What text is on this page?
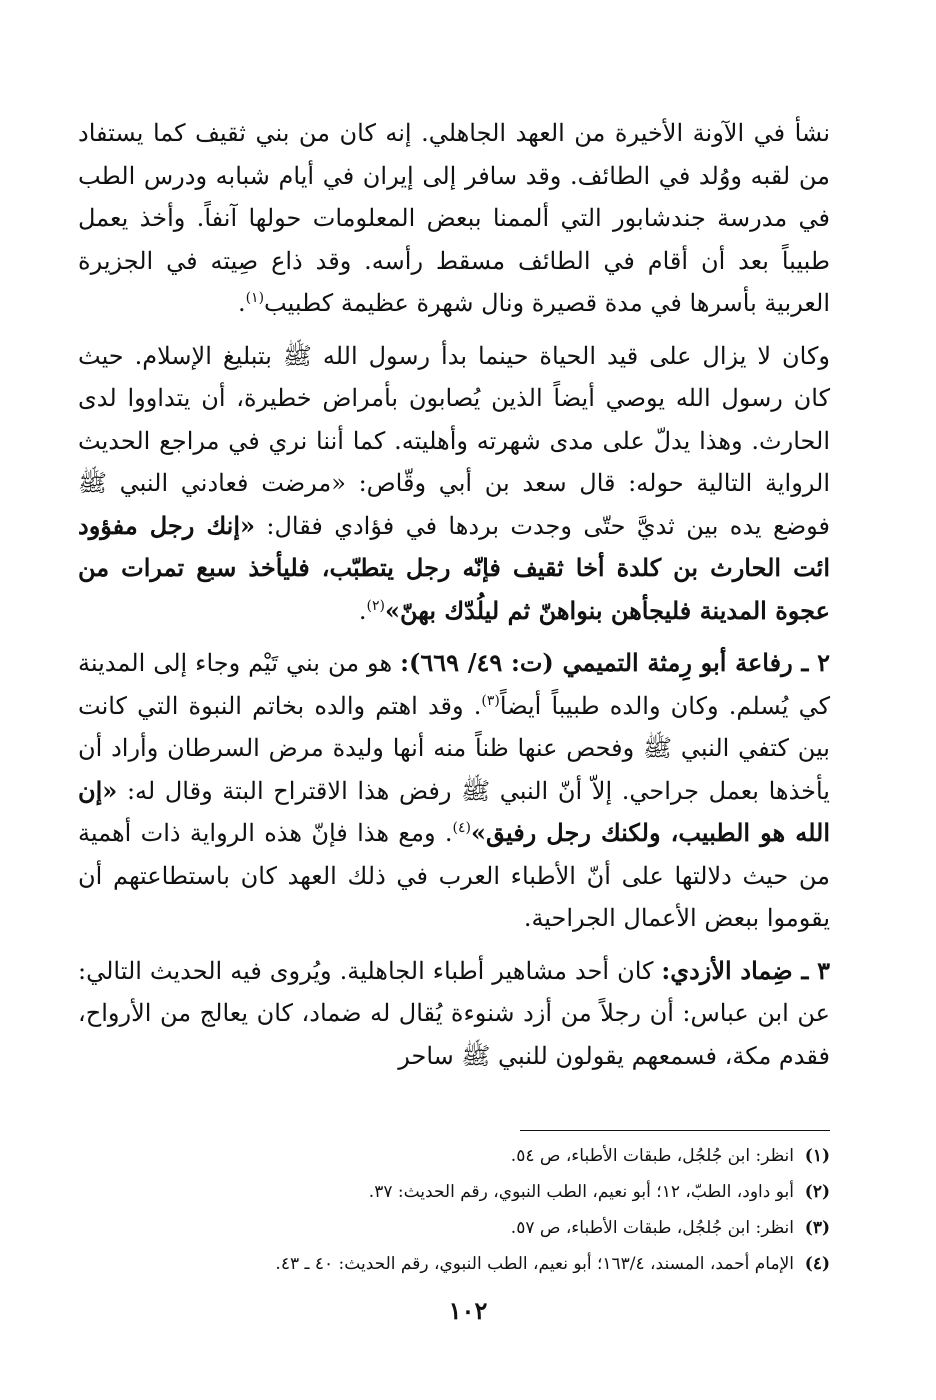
نشأ في الآونة الأخيرة من العهد الجاهلي. إنه كان من بني ثقيف كما يستفاد من لقبه ووُلد في الطائف. وقد سافر إلى إيران في أيام شبابه ودرس الطب في مدرسة جندشابور التي ألممنا ببعض المعلومات حولها آنفاً. وأخذ يعمل طبيباً بعد أن أقام في الطائف مسقط رأسه. وقد ذاع صِيته في الجزيرة العربية بأسرها في مدة قصيرة ونال شهرة عظيمة كطبيب$^{(١)}$.

وكان لا يزال على قيد الحياة حينما بدأ رسول الله ﷺ بتبليغ الإسلام. حيث كان رسول الله يوصي أيضاً الذين يُصابون بأمراض خطيرة، أن يتداووا لدى الحارث. وهذا يدلّ على مدى شهرته وأهليته. كما أننا نري في مراجع الحديث الرواية التالية حوله: قال سعد بن أبي وقّاص: «مرضت فعادني النبي ﷺ فوضع يده بين ثديَّ حتّى وجدت بردها في فؤادي فقال: «إنك رجل مفؤود ائت الحارث بن كلدة أخا ثقيف فإنّه رجل يتطبّب، فليأخذ سبع تمرات من عجوة المدينة فليجأهن بنواهنّ ثم ليلُدّك بهنّ»$^{(٢)}$.

٢ ـ رفاعة أبو رِمثة التميمي (ت: ٤٩/ ٦٦٩): هو من بني تَيْم وجاء إلى المدينة كي يُسلم. وكان والده طبيباً أيضاً$^{(٣)}$. وقد اهتم والده بخاتم النبوة التي كانت بين كتفي النبي ﷺ وفحص عنها ظناً منه أنها وليدة مرض السرطان وأراد أن يأخذها بعمل جراحي. إلاّ أنّ النبي ﷺ رفض هذا الاقتراح البتة وقال له: «إن الله هو الطبيب، ولكنك رجل رفيق»$^{(٤)}$. ومع هذا فإنّ هذه الرواية ذات أهمية من حيث دلالتها على أنّ الأطباء العرب في ذلك العهد كان باستطاعتهم أن يقوموا ببعض الأعمال الجراحية.

٣ ـ ضِماد الأزدي: كان أحد مشاهير أطباء الجاهلية. ويُروى فيه الحديث التالي: عن ابن عباس: أن رجلاً من أزد شنوءة يُقال له ضماد، كان يعالج من الأرواح، فقدم مكة، فسمعهم يقولون للنبي ﷺ ساحر

(١)انظر: ابن جُلجُل، طبقات الأطباء، ص ٥٤.
(٢)أبو داود، الطبّ، ١٢؛ أبو نعيم، الطب النبوي، رقم الحديث: ٣٧.
(٣)انظر: ابن جُلجُل، طبقات الأطباء، ص ٥٧.
(٤)الإمام أحمد، المسند، ١٦٣/٤؛ أبو نعيم، الطب النبوي، رقم الحديث: ٤٠ ـ ٤٣.
١٠٢
